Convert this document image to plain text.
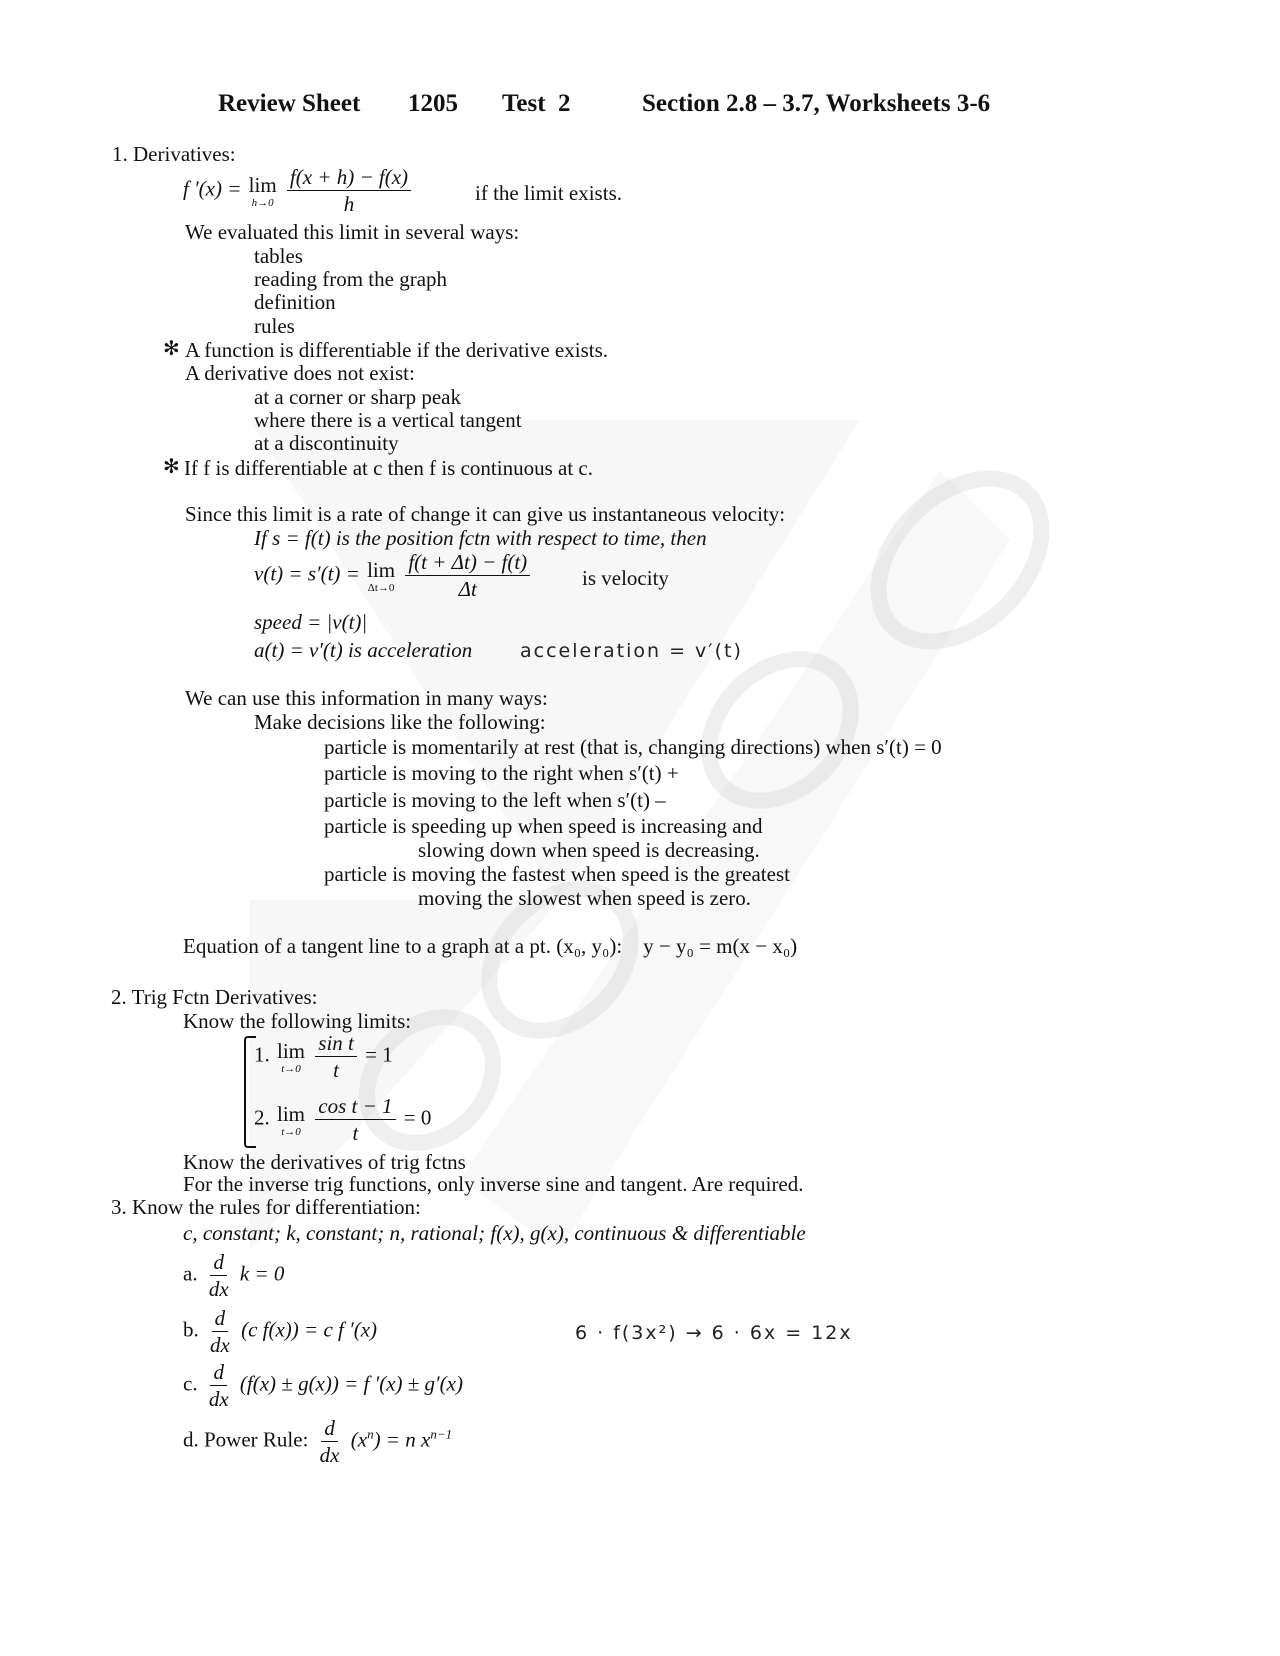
Review Sheet 1205 Test  2	Section 2.8 – 3.7, Worksheets 3-6
1. Derivatives:
f ′(x) = lim
h→0
$\frac{f(x + h) - f(x)}{h}$	if the limit exists.
We evaluated this limit in several ways:
tables
reading from the graph
definition
rules
✻ A function is differentiable if the derivative exists.
A derivative does not exist:
at a corner or sharp peak
where there is a vertical tangent
at a discontinuity
✻ If f is differentiable at c then f is continuous at c.
Since this limit is a rate of change it can give us instantaneous velocity:
If s = f(t) is the position fctn with respect to time, then
v(t) = s′(t) = lim
Δt→0
$\frac{f(t + \Delta t) - f(t)}{\Delta t}$ is velocity
speed = |v(t)|
a(t) = v′(t) is acceleration	acceleration = v′(t)
We can use this information in many ways:
Make decisions like the following:
particle is momentarily at rest (that is, changing directions) when s′(t) = 0
particle is moving to the right when s′(t) +
particle is moving to the left when s′(t) –
particle is speeding up when speed is increasing and
slowing down when speed is decreasing.
particle is moving the fastest when speed is the greatest
moving the slowest when speed is zero.
Equation of a tangent line to a graph at a pt. (x₀, y₀):    y − y₀ = m(x − x₀)
2. Trig Fctn Derivatives:
Know the following limits:
1. lim
t→0
$\frac{\text{sin t}}{t} = 1$
2. lim
t→0
$\frac{\text{cos t − 1}}{t} = 0$
Know the derivatives of trig fctns
For the inverse trig functions, only inverse sine and tangent. Are required.
3. Know the rules for differentiation:
c, constant; k, constant; n, rational; f(x), g(x), continuous & differentiable
a. $\frac{d}{dx}$ k = 0
b. $\frac{d}{dx} (c$ f(x)) = c f ′(x)	6 · f(3x²) → 6 · 6x = 12x
c. $\frac{d}{dx} (f(x) \pm g(x)) = f$ ′(x) ± g′(x)
d. Power Rule: $\frac{d}{dx} (x^n) = n$ $x^{n-1}$
